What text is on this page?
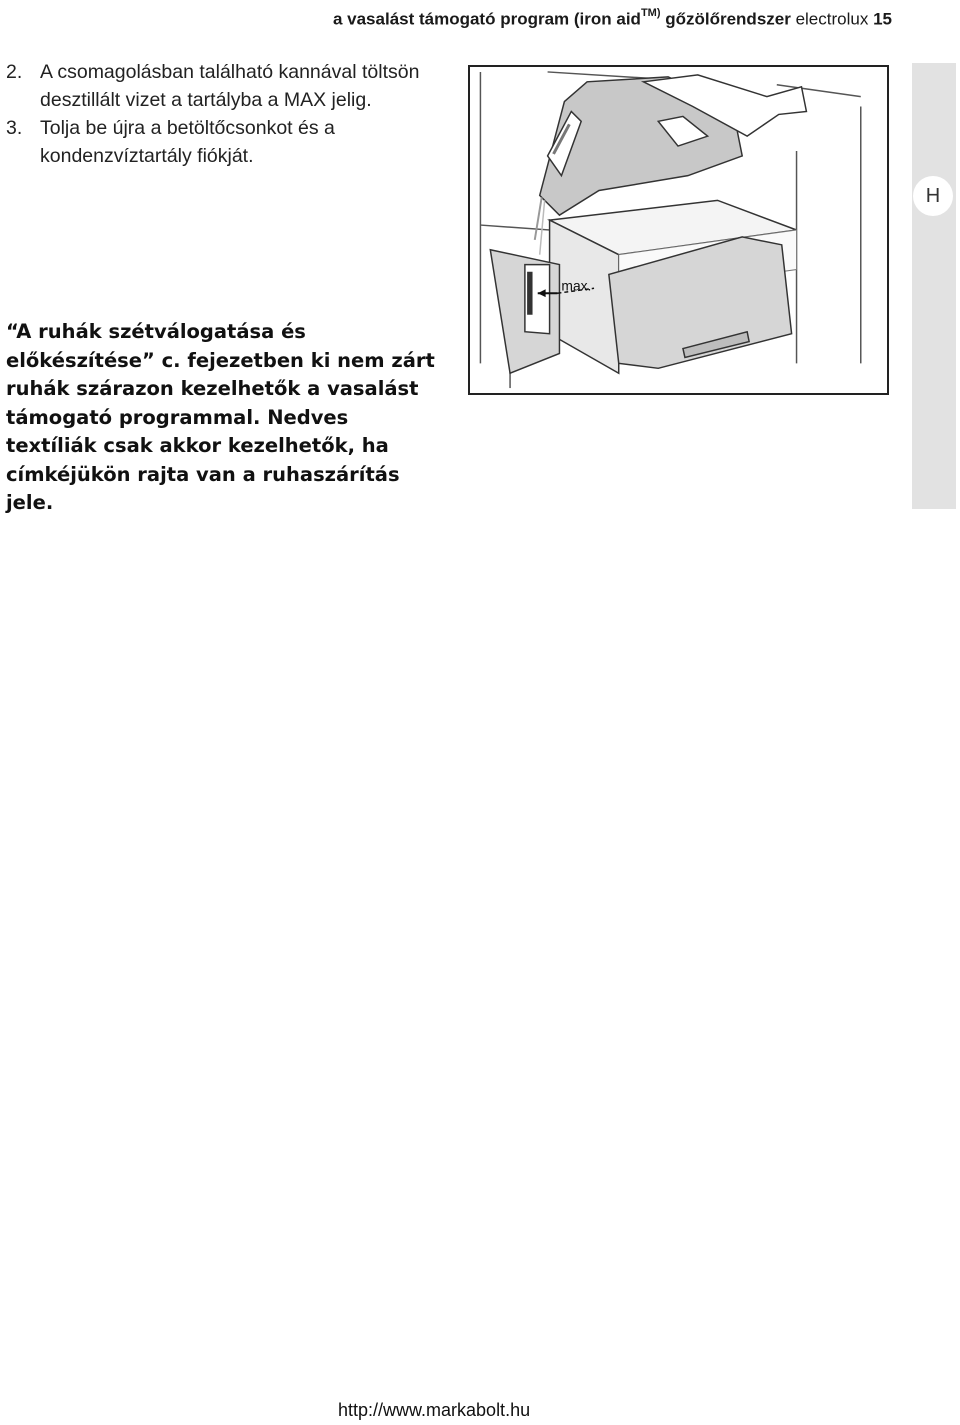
a vasalást támogató program (iron aid$^{TM)}$ gőzölőrendszer electrolux 15
2. A csomagolásban található kannával töltsön desztillált vizet a tartályba a MAX jelig.
3. Tolja be újra a betöltőcsonkot és a kondenzvíztartály fiókját.
max.
“A ruhák szétválogatása és előkészítése” c. fejezetben ki nem zárt ruhák szárazon kezelhetők a vasalást támogató programmal. Nedves textíliák csak akkor kezelhetők, ha címkéjükön rajta van a ruhaszárítás jele.
H
http://www.markabolt.hu
